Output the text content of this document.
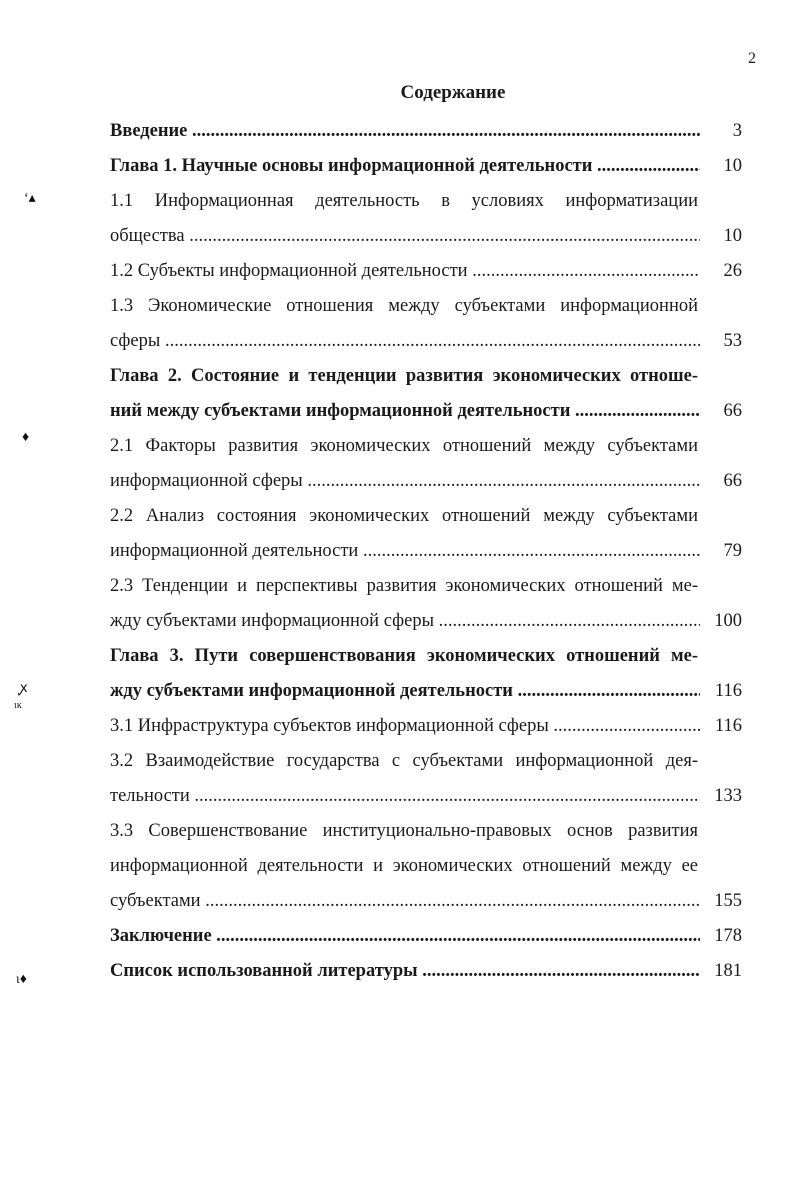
2
Содержание
Введение .....	3
Глава 1. Научные основы информационной деятельности .....	10
1.1 Информационная деятельность в условиях информатизации
общества .....	10
1.2 Субъекты информационной деятельности .....	26
1.3 Экономические отношения между субъектами информационной
сферы .....	53
Глава 2. Состояние и тенденции развития экономических отноше-
ний между субъектами информационной деятельности .....	66
2.1 Факторы развития экономических отношений между субъектами
информационной сферы .....	66
2.2 Анализ состояния экономических отношений между субъектами
информационной деятельности .....	79
2.3 Тенденции и перспективы развития экономических отношений ме-
жду субъектами информационной сферы .....	100
Глава 3. Пути совершенствования экономических отношений ме-
жду субъектами информационной деятельности .....	116
3.1 Инфраструктура субъектов информационной сферы .....	116
3.2 Взаимодействие государства с субъектами информационной дея-
тельности .....	133
3.3 Совершенствование институционально-правовых основ развития
информационной деятельности и экономических отношений между ее
субъектами .....	155
Заключение .....	178
Список использованной литературы .....	181
ʻ▴
♦
ꭙ
ιĸ
ɩ♦
